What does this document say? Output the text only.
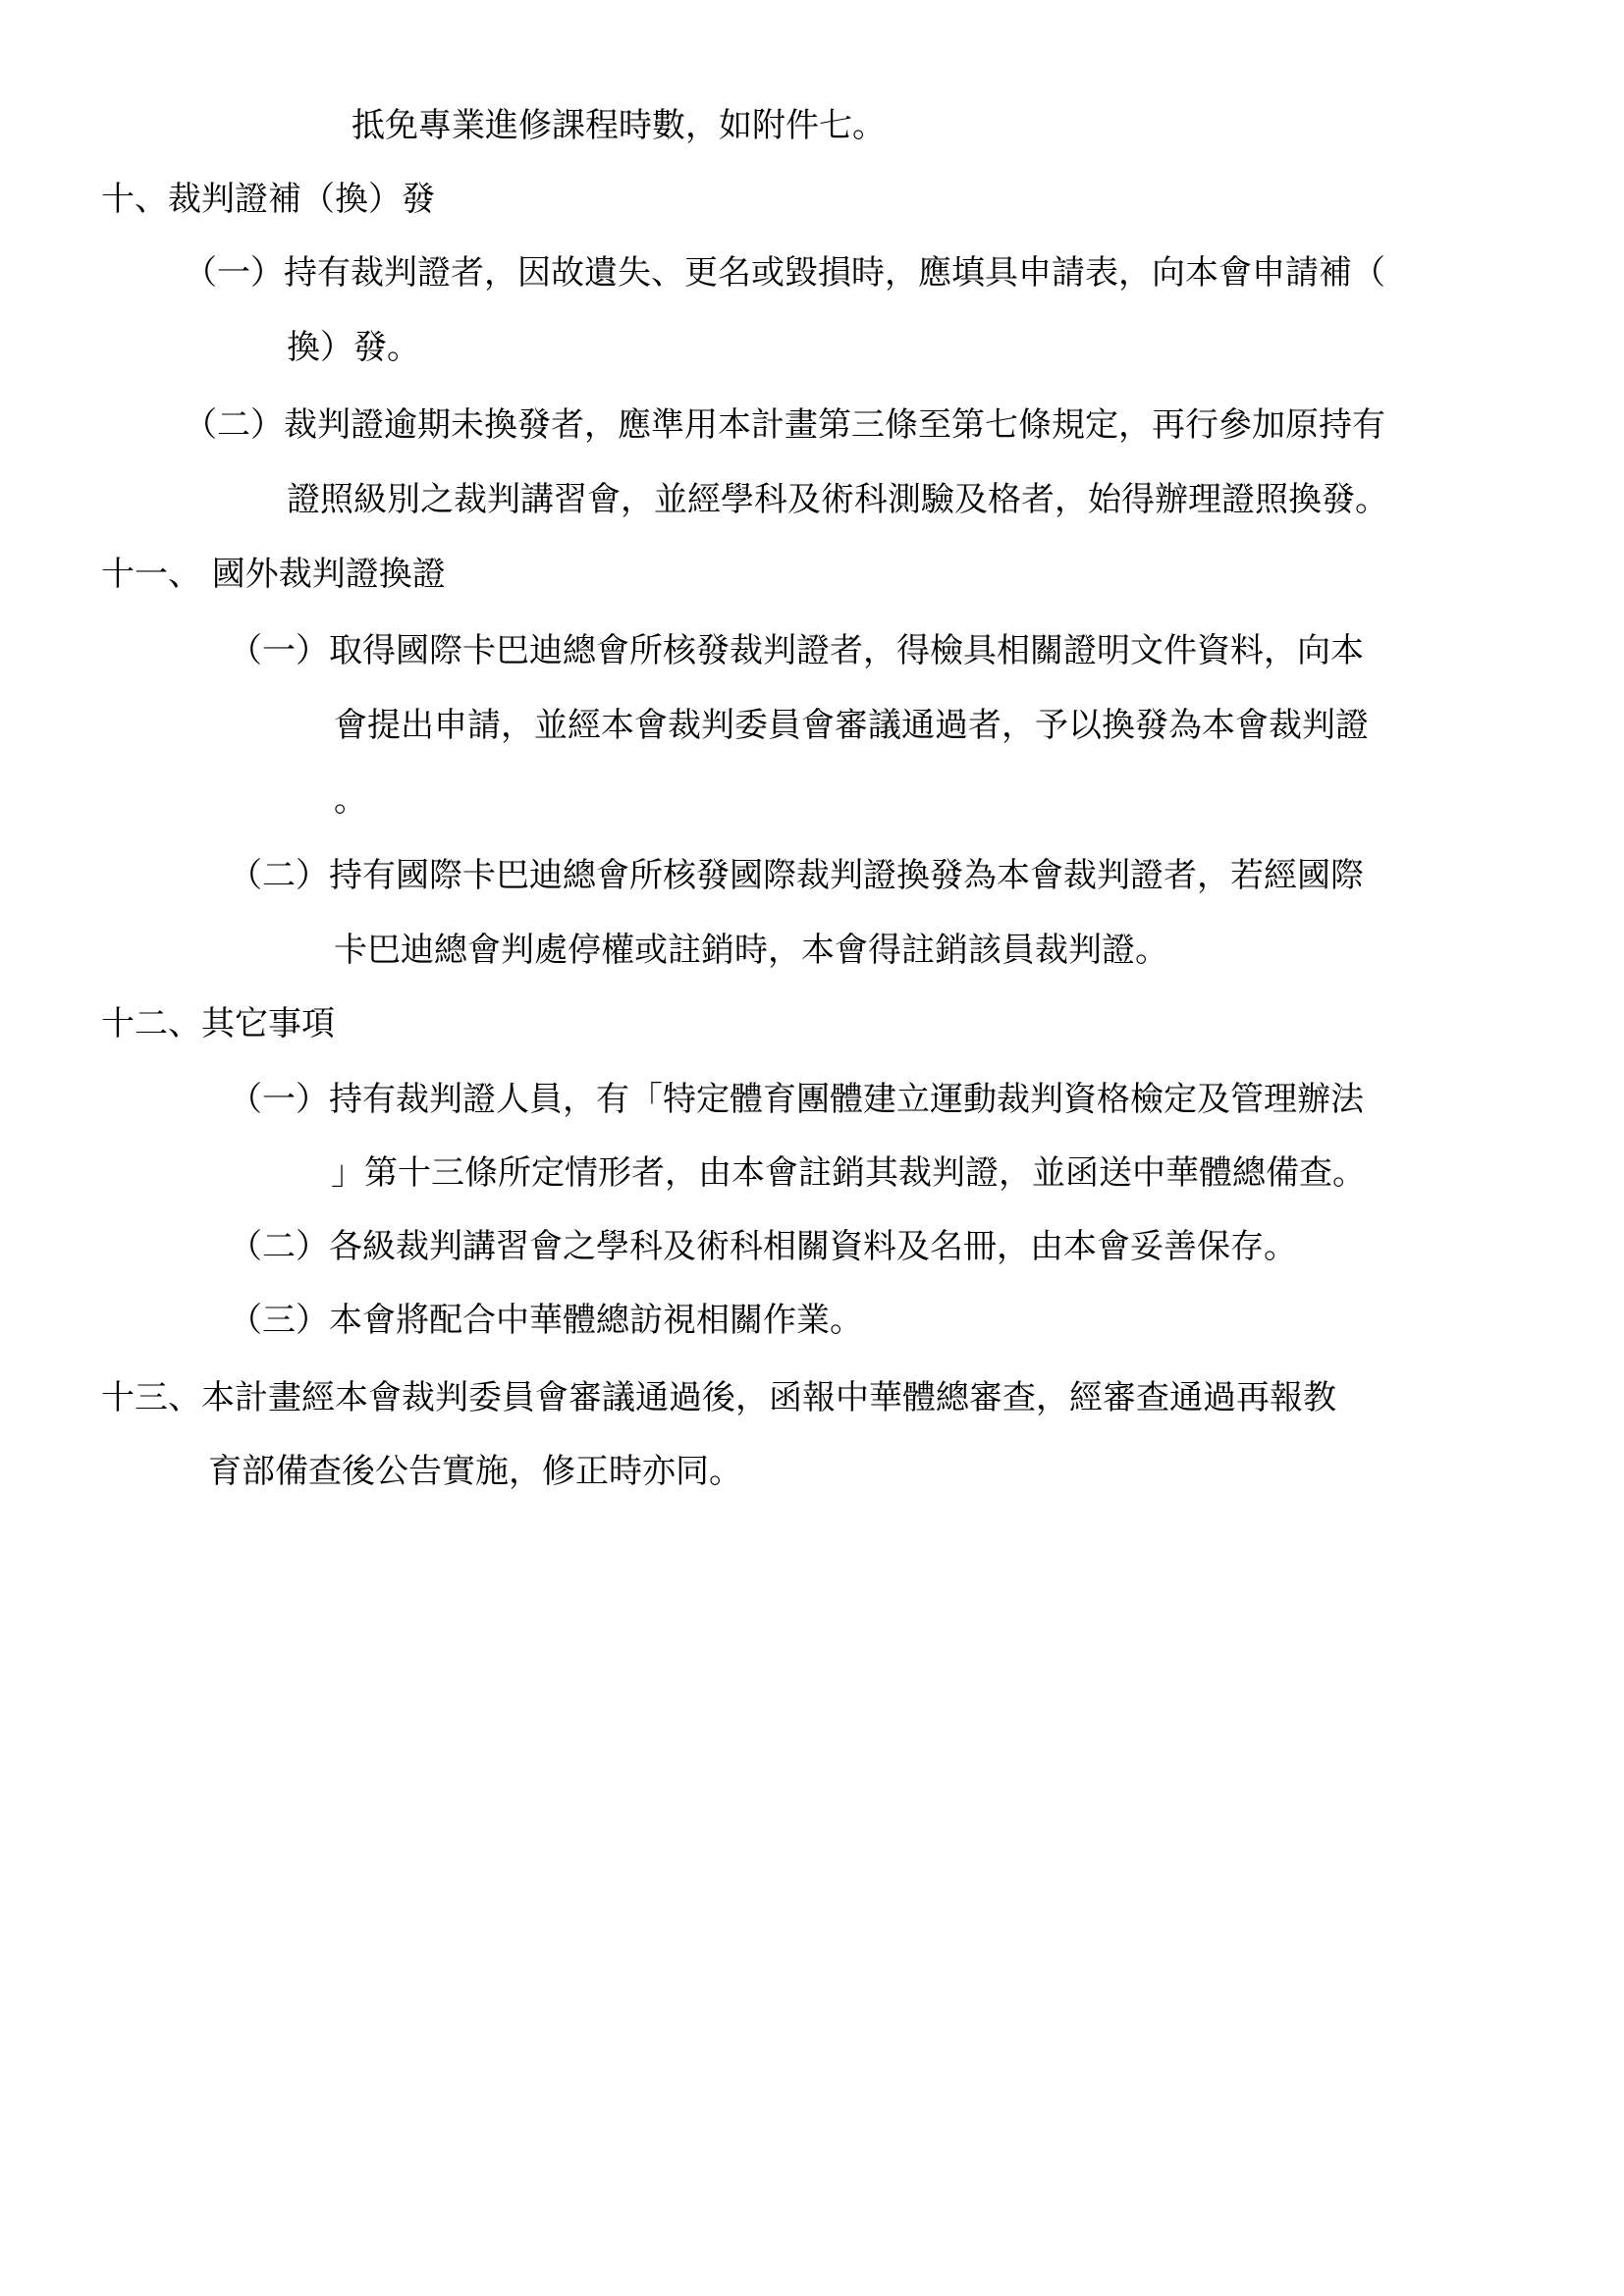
抵免專業進修課程時數，如附件七。
十、裁判證補（換）發
（一）持有裁判證者，因故遺失、更名或毀損時，應填具申請表，向本會申請補（
換）發。
（二）裁判證逾期未換發者，應準用本計畫第三條至第七條規定，再行參加原持有
證照級別之裁判講習會，並經學科及術科測驗及格者，始得辦理證照換發。
十一、 國外裁判證換證
（一）取得國際卡巴迪總會所核發裁判證者，得檢具相關證明文件資料，向本
會提出申請，並經本會裁判委員會審議通過者，予以換發為本會裁判證
。
（二）持有國際卡巴迪總會所核發國際裁判證換發為本會裁判證者，若經國際
卡巴迪總會判處停權或註銷時，本會得註銷該員裁判證。
十二、其它事項
（一）持有裁判證人員，有「特定體育團體建立運動裁判資格檢定及管理辦法
」第十三條所定情形者，由本會註銷其裁判證，並函送中華體總備查。
（二）各級裁判講習會之學科及術科相關資料及名冊，由本會妥善保存。
（三）本會將配合中華體總訪視相關作業。
十三、本計畫經本會裁判委員會審議通過後，函報中華體總審查，經審查通過再報教
育部備查後公告實施，修正時亦同。
